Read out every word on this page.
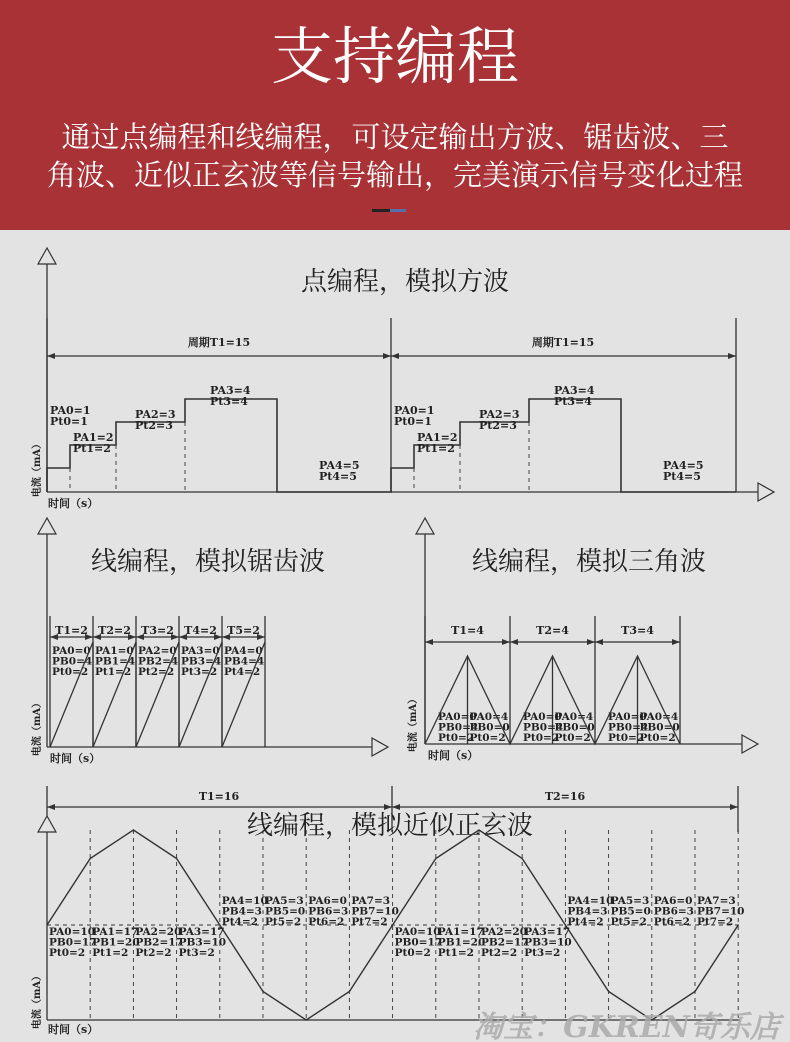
支持编程
通过点编程和线编程，可设定输出方波、锯齿波、三
角波、近似正玄波等信号输出，完美演示信号变化过程
点编程，模拟方波
电流（mA）
时间（s）
周期T1=15	周期T1=15
PA0=1
Pt0=1
PA1=2
Pt1=2
PA2=3
Pt2=3
PA3=4
Pt3=4
PA4=5
Pt4=5
PA0=1
Pt0=1
PA1=2
Pt1=2
PA2=3
Pt2=3
PA3=4
Pt3=4
PA4=5
Pt4=5
线编程，模拟锯齿波
电流（mA）
时间（s）
T1=2
PA0=0
PB0=4
Pt0=2
T2=2
PA1=0
PB1=4
Pt1=2
T3=2
PA2=0
PB2=4
Pt2=2
T4=2
PA3=0
PB3=4
Pt3=2
T5=2
PA4=0
PB4=4
Pt4=2
线编程，模拟三角波
电流（mA）
时间（s）
T1=4
PA0=0
PB0=4
Pt0=2
PA0=4
PB0=0
Pt0=2
T2=4
PA0=0
PB0=4
Pt0=2
PA0=4
PB0=0
Pt0=2
T3=4
PA0=0
PB0=4
Pt0=2
PA0=4
PB0=0
Pt0=2
电流（mA）
时间（s）
T1=16	T2=16
线编程，模拟近似正玄波
PA0=10
PB0=17
Pt0=2
PA4=10
PB4=3
Pt4=2
PA1=17
PB1=20
Pt1=2
PA5=3
PB5=0
Pt5=2
PA2=20
PB2=17
Pt2=2
PA6=0
PB6=3
Pt6=2
PA3=17
PB3=10
Pt3=2
PA7=3
PB7=10
Pt7=2
PA0=10
PB0=17
Pt0=2
PA4=10
PB4=3
Pt4=2
PA1=17
PB1=20
Pt1=2
PA5=3
PB5=0
Pt5=2
PA2=20
PB2=17
Pt2=2
PA6=0
PB6=3
Pt6=2
PA3=17
PB3=10
Pt3=2
PA7=3
PB7=10
Pt7=2
淘宝：GKREN奇乐店
